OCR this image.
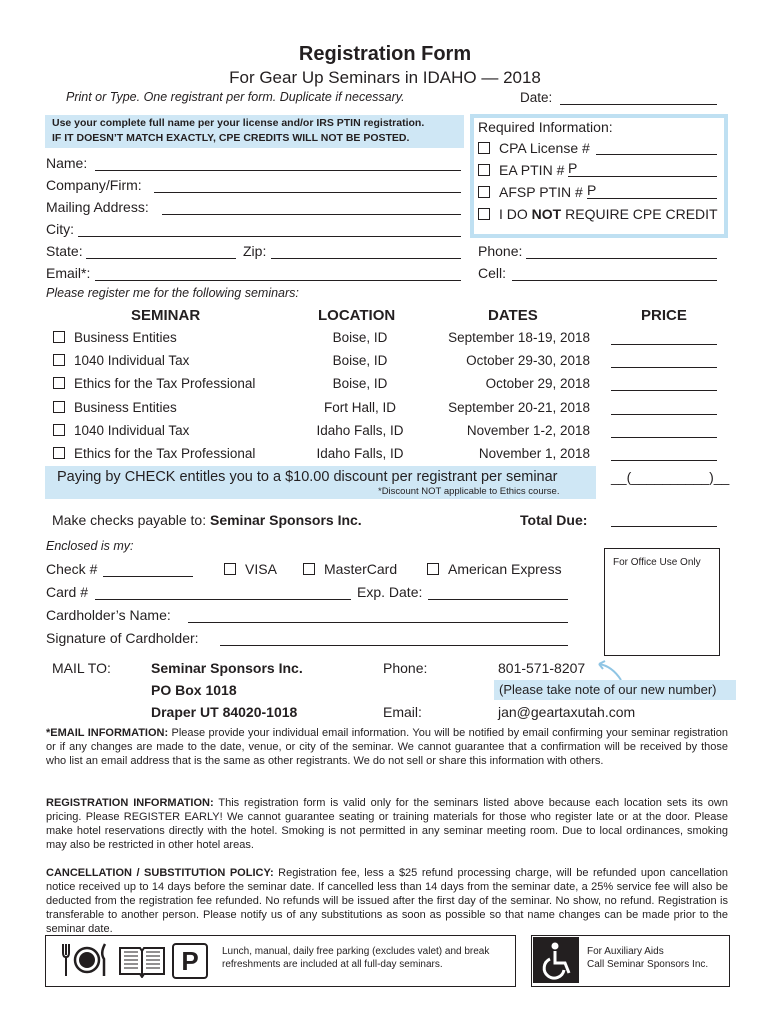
Registration Form
For Gear Up Seminars in IDAHO — 2018
Print or Type. One registrant per form. Duplicate if necessary.	Date:
Use your complete full name per your license and/or IRS PTIN registration.
IF IT DOESN’T MATCH EXACTLY, CPE CREDITS WILL NOT BE POSTED.
Required Information:
CPA License #
EA PTIN # P
AFSP PTIN # P
I DO NOT REQUIRE CPE CREDIT
Name:
Company/Firm:
Mailing Address:
City:
State:	Zip:
Email*:
Phone:
Cell:
Please register me for the following seminars:
SEMINAR	LOCATION	DATES	PRICE
Business Entities	Boise, ID	September 18-19, 2018
1040 Individual Tax	Boise, ID	October 29-30, 2018
Ethics for the Tax Professional	Boise, ID	October 29, 2018
Business Entities	Fort Hall, ID	September 20-21, 2018
1040 Individual Tax	Idaho Falls, ID	November 1-2, 2018
Ethics for the Tax Professional	Idaho Falls, ID	November 1, 2018
Paying by CHECK entitles you to a $10.00 discount per registrant per seminar
*Discount NOT applicable to Ethics course.
__(__________)__
Make checks payable to: Seminar Sponsors Inc.	Total Due:
Enclosed is my:
Check #	VISA	MasterCard	American Express
Card #	Exp. Date:
Cardholder’s Name:
Signature of Cardholder:
For Office Use Only
MAIL TO:	Seminar Sponsors Inc.
PO Box 1018
Draper UT 84020-1018
Phone:	801-571-8207
(Please take note of our new number)
Email:	jan@geartaxutah.com
*EMAIL INFORMATION: Please provide your individual email information. You will be notified by email confirming your seminar registration or if any changes are made to the date, venue, or city of the seminar. We cannot guarantee that a confirmation will be received by those who list an email address that is the same as other registrants. We do not sell or share this information with others.
REGISTRATION INFORMATION: This registration form is valid only for the seminars listed above because each location sets its own pricing. Please REGISTER EARLY! We cannot guarantee seating or training materials for those who register late or at the door. Please make hotel reservations directly with the hotel. Smoking is not permitted in any seminar meeting room. Due to local ordinances, smoking may also be restricted in other hotel areas.
CANCELLATION / SUBSTITUTION POLICY: Registration fee, less a $25 refund processing charge, will be refunded upon cancellation notice received up to 14 days before the seminar date. If cancelled less than 14 days from the seminar date, a 25% service fee will also be deducted from the registration fee refunded. No refunds will be issued after the first day of the seminar. No show, no refund. Registration is transferable to another person. Please notify us of any substitutions as soon as possible so that name changes can be made prior to the seminar date.
P	Lunch, manual, daily free parking (excludes valet) and break refreshments are included at all full-day seminars.
For Auxiliary Aids
Call Seminar Sponsors Inc.
